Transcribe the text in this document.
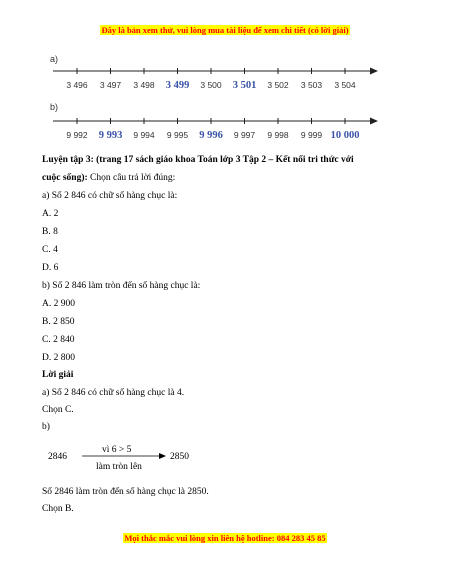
Đây là bản xem thử, vui lòng mua tài liệu để xem chi tiết (có lời giải)
a)
3 496 3 497 3 498 3 499 3 500 3 501 3 502 3 503 3 504
b)
9 992 9 993 9 994 9 995 9 996 9 997 9 998 9 999 10 000
Luyện tập 3: (trang 17 sách giáo khoa Toán lớp 3 Tập 2 – Kết nối tri thức với
cuộc sống): Chọn câu trả lời đúng:
a) Số 2 846 có chữ số hàng chục là:
A. 2
B. 8
C. 4
D. 6
b) Số 2 846 làm tròn đến số hàng chục là:
A. 2 900
B. 2 850
C. 2 840
D. 2 800
Lời giải
a) Số 2 846 có chữ số hàng chục là 4.
Chọn C.
b)
2846
vì 6 > 5
làm tròn lên
2850
Số 2846 làm tròn đến số hàng chục là 2850.
Chọn B.
Mọi thắc mắc vui lòng xin liên hệ hotline: 084 283 45 85
